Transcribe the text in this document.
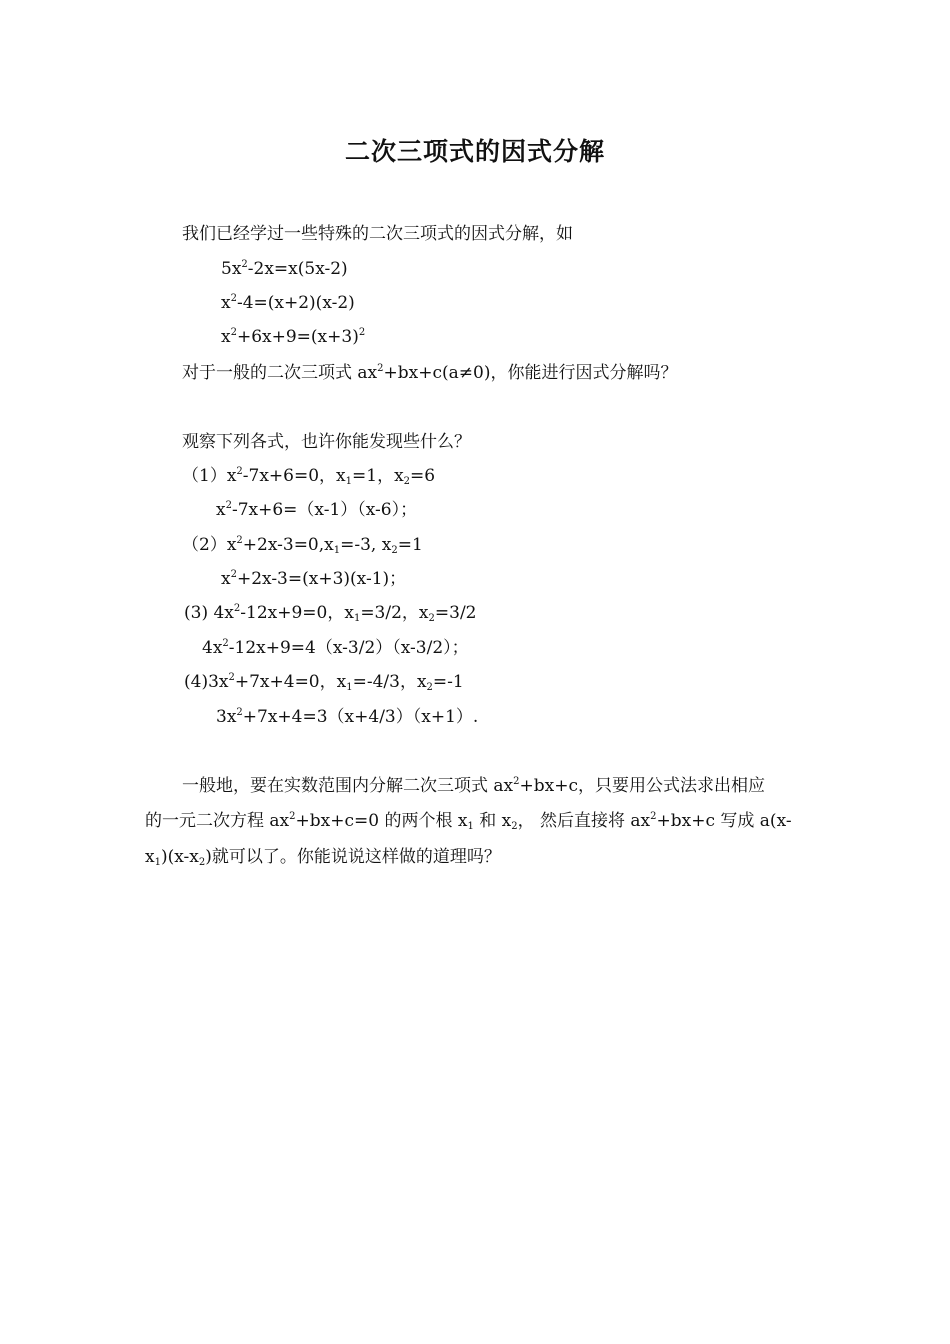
二次三项式的因式分解
我们已经学过一些特殊的二次三项式的因式分解，如
$5x^2-2x=x(5x-2)$
$x^2-4=(x+2)(x-2)$
$x^2+6x+9=(x+3)^2$
对于一般的二次三项式 $ax^2+bx+c(a\ne 0)$，你能进行因式分解吗？
观察下列各式，也许你能发现些什么？
$(1)x^2-7x+6=0$，$x_1=1$，$x_2=6$
$x^2-7x+6=(x-1)(x-6)$；
$(2)x^2+2x-3=0,x_1=-3$, $x_2=1$
$x^2+2x-3=(x+3)(x-1)$；
(3) $4x^2-12x+9=0$，$x_1=3/2$，$x_2=3/2$
$4x^2-12x+9=4(x-3/2)(x-3/2)$；
$(4)3x^2+7x+4=0$，$x_1=-4/3$，$x_2=-1$
$3x^2+7x+4=3(x+4/3)(x+1)$.
一般地，要在实数范围内分解二次三项式 $ax^2+bx+c$，只要用公式法求出相应
的一元二次方程 $ax^2+bx+c=0$ 的两个根 $x_1$ 和 $x_2$， 然后直接将 $ax^2+bx+c$ 写成 a(x-
$x_1)(x-x_2)$就可以了。你能说说这样做的道理吗？
